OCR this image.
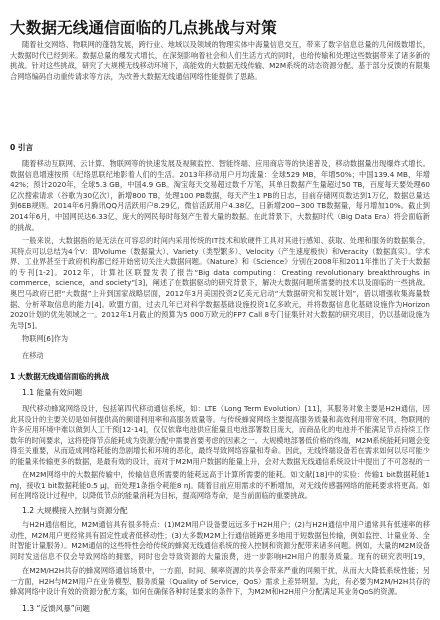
大数据无线通信面临的几点挑战与对策
随着社交网络、物联网的蓬勃发展，跨行业、地域以及领域的物理实体中海量信息交互，带来了数字信息总量的几何级数增长，大数据时代已经到来。数据总量的爆发式增长，在深刻影响着社会和人们生活方式的同时，也给传输和处理这些数据带来了诸多新的挑战。针对这些挑战，研究了大规模无线移动环境下，高能效的大数据无线传输、M2M系统的动态资源分配、基于部分反馈的有限集合网络编码自动重传请求等方法，为改善大数据无线通信网络性能提供了思路。
0 引言
随着移动互联网、云计算、物联网等的快速发展及视频监控、智能终端、应用商店等的快速普及，移动数据量出现爆炸式增长。数据信息增速按照《纪络思联纪地影着人们的生活。2013年移动用户月均流量：全球529 MB，年增50%；中国139.4 MB，年增42%；预计2020年，全球5.3 GB，中国4.9 GB。淘宝每天交易超过数千万笔，其单日数据产生量超过50 TB，百度每天要处理60亿次搜索请求（谷歌为30亿次），新增800 TB，处理100 PB数据，每天产生1 PB的日志，目前存储网页数达到1万亿，数据总量达到6EB规则。2014年6月腾讯QQ月活跃用户8.29亿，微信活跃用户4.38亿，日新增200~300 TB数据量，每月增加10%。截止到2014年6月，中国网民达6.33亿，庞大的网民每时每刻产生着大量的数据。在此背景下，大数据时代（Big Data Era）将会面临新的挑战。
一般来说，大数据指的是无法在可容忍的时间内采用传统的IT技术和软硬件工具对其进行感知、获取、处理和服务的数据集合，其特点可以总结为4个V：即Volume（数据量大）、Variety（类型繁多）、Velocity（产生速度极快）和Veracity（数据真实）。学术界、工业界甚至于政府机构都已经开始密切关注大数据问题。《Nature》和《Science》分别在2008年和2011年推出了关于大数据的专刊[1-2]。2012年，计算社区联盟发表了报告“Big data computing：Creating revolutionary breakthroughs in commerce，science，and society”[3]，阐述了在数据驱动的研究背景下，解决大数据问题所需要的技术以及面临的一些挑战。奥巴马政府已把“大数据”上升到国家战略层面，2012年3月美国投资2亿美元启动“大数据研究和发展计划”，借以增强收集海量数据、分析萃取信息的能力[4]。欧盟方面，过去几年已对科学数据基础设施投资1亿多欧元，并将数据信息化基础设施作为Horizon 2020计划的优先领域之一。2012年1月截止的预算为5 000万欧元的FP7 Call 8专门征集针对大数据的研究项目，仍以基础设施为先导[5]。
物联网[6]作为
在移动
1 大数据无线通信面临的挑战
1.1 能量有效问题
现代移动蜂窝网络设计，包括第四代移动通信系统，如：LTE（Long Term Evolution）[11]，其服务对象主要是H2H通信，因此其设计的主要关切是如何提供高的频谱利用率和高服务质量等。与传统蜂窝网络主要提高服务质量和高效利用带宽不同，物联网的许多应用环境中难以做到人工干预[12-14]，仅仅依靠电池供应能量且电池部署数目庞大，而商品化的电池并不能满足节点持续工作数年的时间要求，这将使得节点能耗成为资源分配中需要首要考虑的因素之一。大规模地部署低价格的终端，M2M系统能耗问题会变得至关重要，从而造成网络耗能的急剧增长和环境的恶化，最终导致网络容量和寿命。因此，无线终端设备若在需求如何以尽可能少的能量来传输更多的数据，是最有效的设计，而对于M2M用户数据的能量上升，会对大数据无线通信系统设计中提出了不可忽视的一
在M2M网络中的大数据传输中，传输信息所需要的能耗远高于计算所需要的能耗。如文献[18]中的实验：传输1 bit数据耗能1 mJ，接收1 bit数据耗能0.5 μJ，而处理1条指令耗能8 nJ。随着目前应用需求的不断增加，对无线传感器网络的能耗要求将更高。如何在网络设计过程中，以降低节点的能量消耗为目标，提高网络寿命，是当前面临的重要挑战。
1.2 大规模接入控制与资源分配
与H2H通信相比，M2M通信具有很多特点：(1)M2M用户设备要远远多于H2H用户；(2)与H2H通信中用户通常具有低速率的移动性，M2M用户更经常具有固定性或者低移动性；(3)大多数M2M上行通信链路更多地用于短数据包传输，例如监控、计量业务、全时智能计量服务）。M2M通信的这些特性会给传统的蜂窝无线通信系统的接入控制和资源分配带来诸多问题。例如，大量的M2M设备同时发送信息不仅会导致网络的拥塞，同时也会导致资源的大量浪费，进一步影响H2H用户的服务质量。现有的研究表明[19，
在M2M/H2H共存的蜂窝网络通信场景中，一方面，时间、频率资源的共享会带来严重的同频干扰，从而大大降低系统性能；另一方面，H2H与M2M用户在业务模型、服务质量（Quality of Service，QoS）需求上差异明显。为此，有必要为M2M/H2H共存的蜂窝网络中设计有效的资源分配方案，如何在确保各种时延要求的条件下，为M2M和H2H用户分配满足其业务QoS的资源。
1.3 “反馈风暴”问题
